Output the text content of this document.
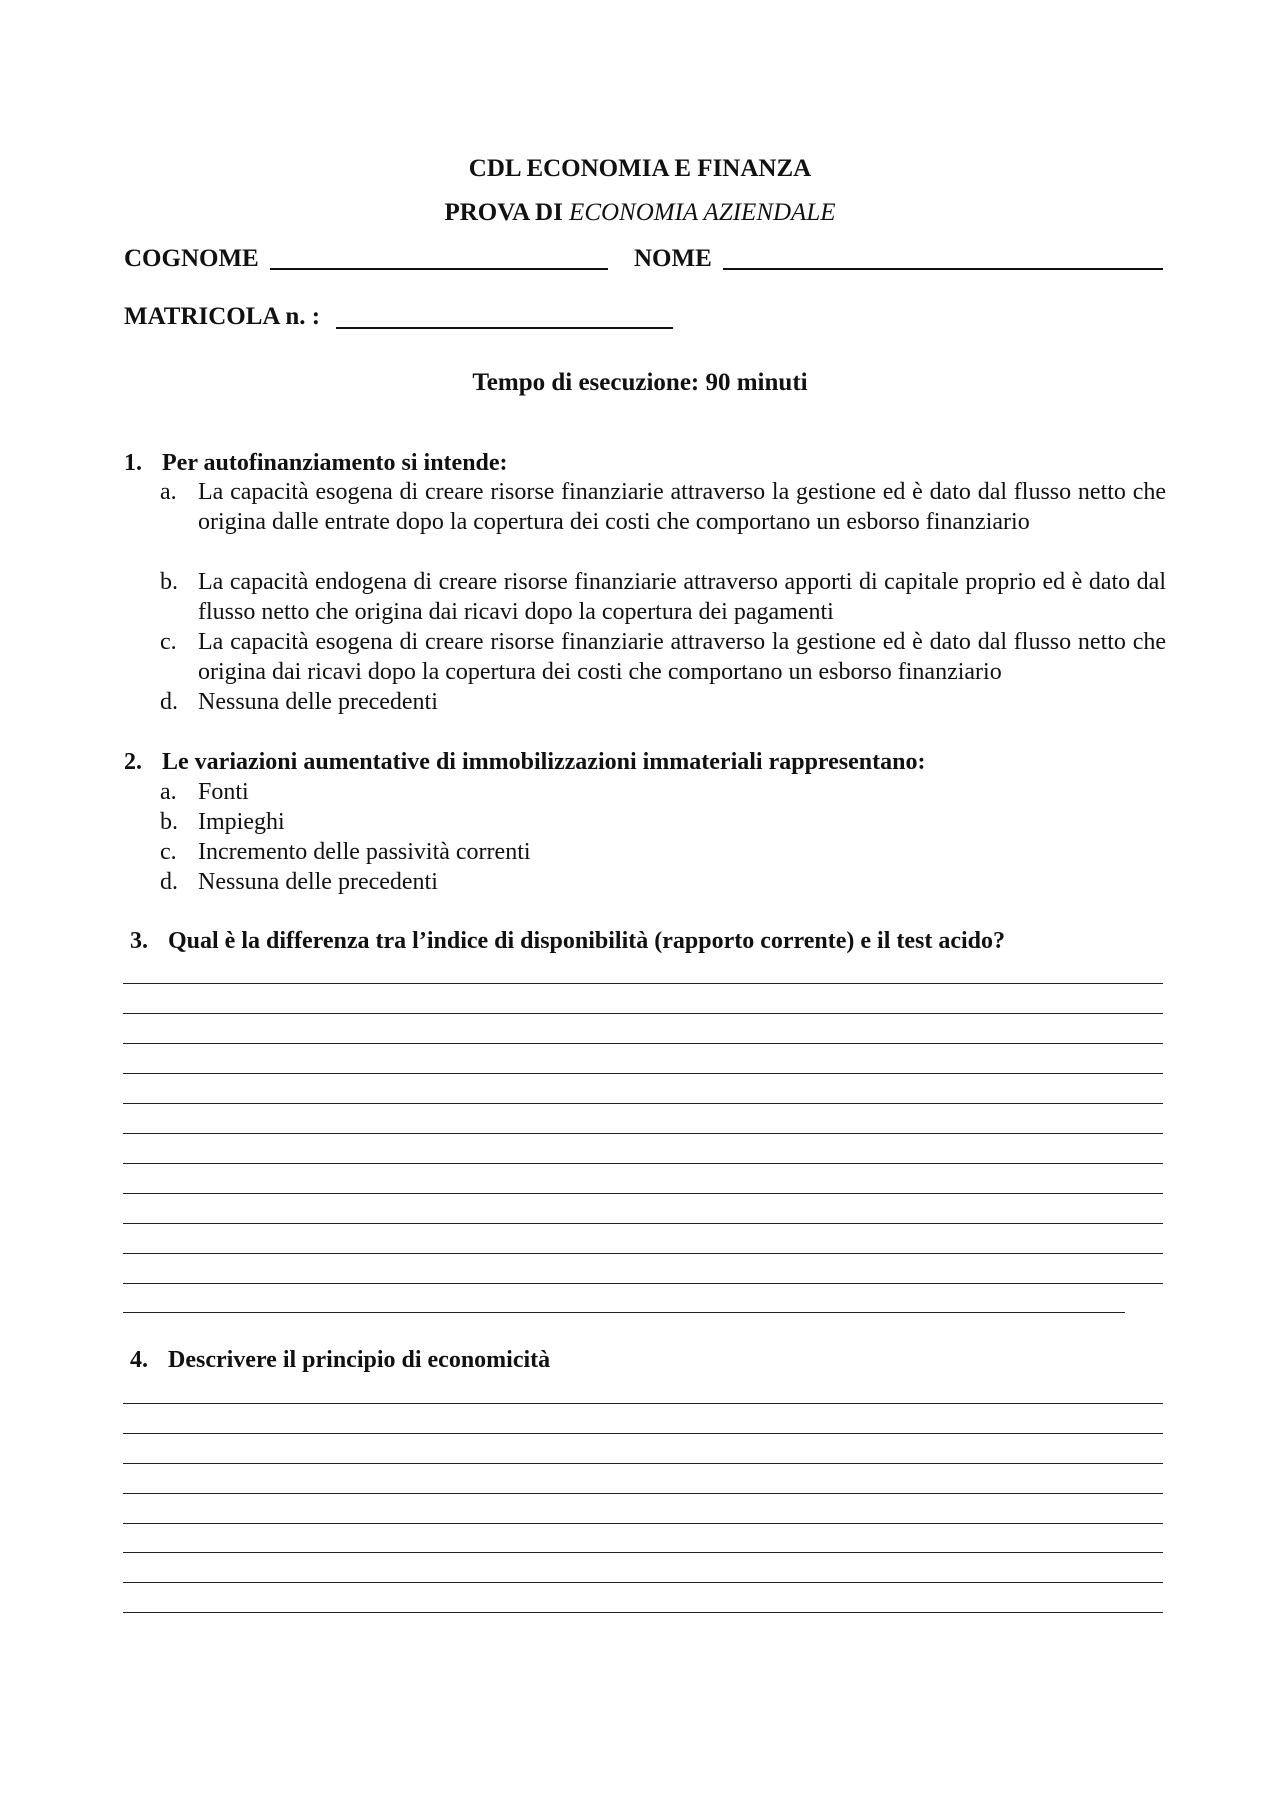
CDL ECONOMIA E FINANZA
PROVA DI ECONOMIA AZIENDALE
COGNOME	NOME
MATRICOLA n. :
Tempo di esecuzione: 90 minuti
1. Per autofinanziamento si intende:
a. La capacità esogena di creare risorse finanziarie attraverso la gestione ed è dato dal flusso netto che origina dalle entrate dopo la copertura dei costi che comportano un esborso finanziario
b. La capacità endogena di creare risorse finanziarie attraverso apporti di capitale proprio ed è dato dal flusso netto che origina dai ricavi dopo la copertura dei pagamenti
c. La capacità esogena di creare risorse finanziarie attraverso la gestione ed è dato dal flusso netto che origina dai ricavi dopo la copertura dei costi che comportano un esborso finanziario
d. Nessuna delle precedenti
2. Le variazioni aumentative di immobilizzazioni immateriali rappresentano:
a. Fonti
b. Impieghi
c. Incremento delle passività correnti
d. Nessuna delle precedenti
3. Qual è la differenza tra l’indice di disponibilità (rapporto corrente) e il test acido?
4. Descrivere il principio di economicità
